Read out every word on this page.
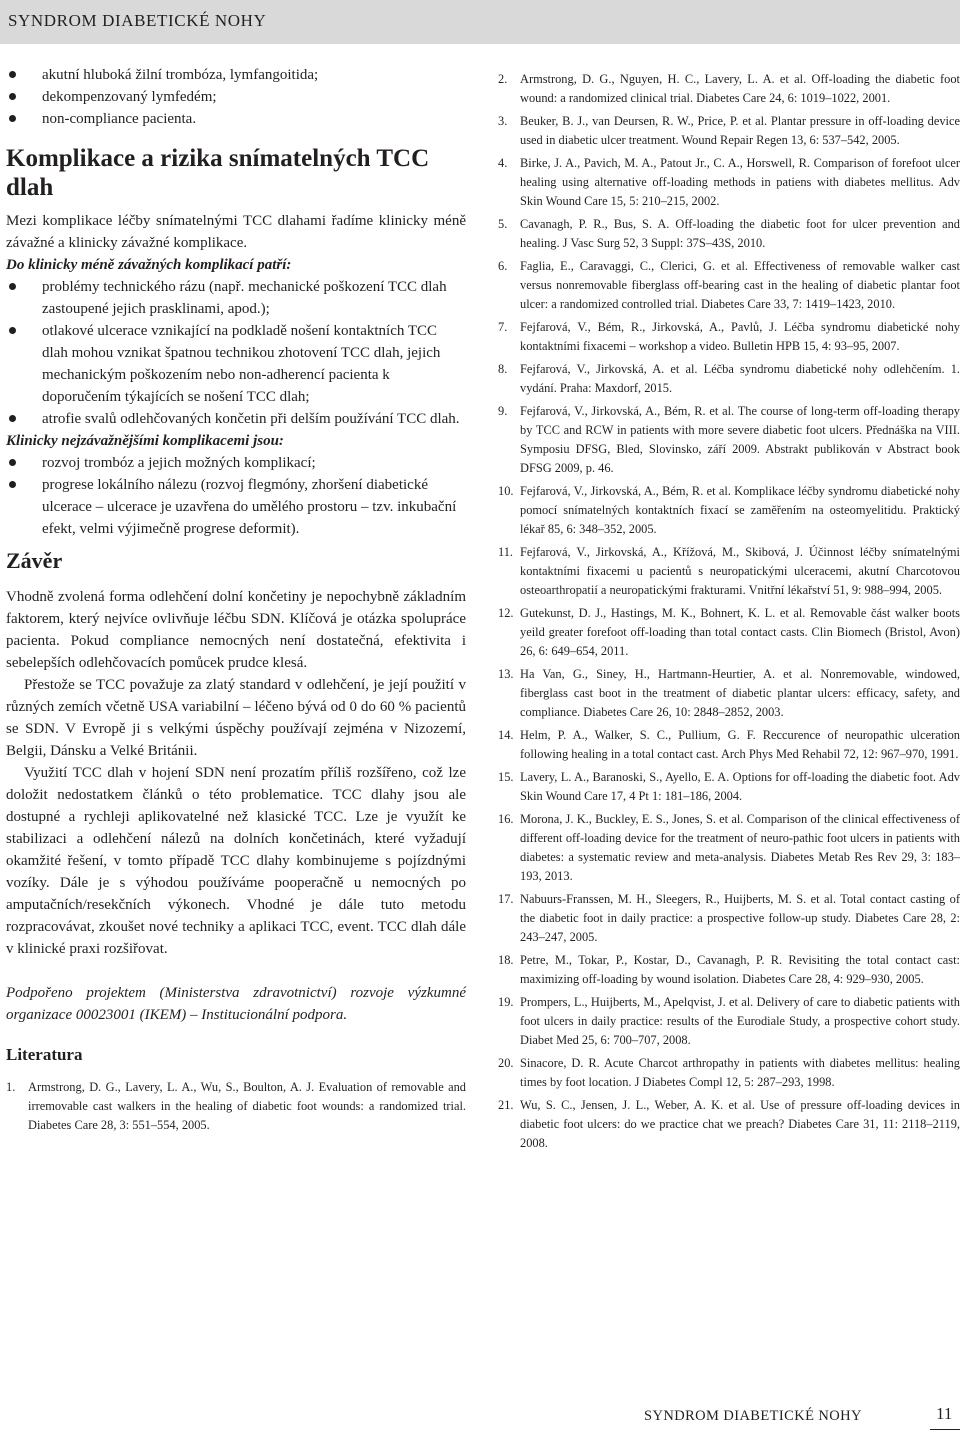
SYNDROM DIABETICKÉ NOHY
akutní hluboká žilní trombóza, lymfangoitida;
dekompenzovaný lymfedém;
non-compliance pacienta.
Komplikace a rizika snímatelných TCC dlah

Mezi komplikace léčby snímatelnými TCC dlahami řadíme klinicky méně závažné a klinicky závažné komplikace.

Do klinicky méně závažných komplikací patří:
problémy technického rázu (např. mechanické poškození TCC dlah zastoupené jejich prasklinami, apod.);
otlakové ulcerace vznikající na podkladě nošení kontaktních TCC dlah mohou vznikat špatnou technikou zhotovení TCC dlah, jejich mechanickým poškozením nebo non-adherencí pacienta k doporučením týkajících se nošení TCC dlah;
atrofie svalů odlehčovaných končetin při delším používání TCC dlah.
Klinicky nejzávažnějšími komplikacemi jsou:
rozvoj trombóz a jejich možných komplikací;
progrese lokálního nálezu (rozvoj flegmóny, zhoršení diabetické ulcerace – ulcerace je uzavřena do umělého prostoru – tzv. inkubační efekt, velmi výjimečně progrese deformit).
Závěr

Vhodně zvolená forma odlehčení dolní končetiny je nepochybně základním faktorem, který nejvíce ovlivňuje léčbu SDN. Klíčová je otázka spolupráce pacienta. Pokud compliance nemocných není dostatečná, efektivita i sebelepších odlehčovacích pomůcek prudce klesá.

Přestože se TCC považuje za zlatý standard v odlehčení, je její použití v různých zemích včetně USA variabilní – léčeno bývá od 0 do 60 % pacientů se SDN. V Evropě ji s velkými úspěchy používají zejména v Nizozemí, Belgii, Dánsku a Velké Británii.

Využití TCC dlah v hojení SDN není prozatím příliš rozšířeno, což lze doložit nedostatkem článků o této problematice. TCC dlahy jsou ale dostupné a rychleji aplikovatelné než klasické TCC. Lze je využít ke stabilizaci a odlehčení nálezů na dolních končetinách, které vyžadují okamžité řešení, v tomto případě TCC dlahy kombinujeme s pojízdnými vozíky. Dále je s výhodou používáme pooperačně u nemocných po amputačních/resekčních výkonech. Vhodné je dále tuto metodu rozpracovávat, zkoušet nové techniky a aplikaci TCC, event. TCC dlah dále v klinické praxi rozšiřovat.

Podpořeno projektem (Ministerstva zdravotnictví) rozvoje výzkumné organizace 00023001 (IKEM) – Institucionální podpora.

Literatura
1.	Armstrong, D. G., Lavery, L. A., Wu, S., Boulton, A. J. Evaluation of removable and irremovable cast walkers in the healing of diabetic foot wounds: a randomized trial. Diabetes Care 28, 3: 551–554, 2005.
2.	Armstrong, D. G., Nguyen, H. C., Lavery, L. A. et al. Off-loading the diabetic foot wound: a randomized clinical trial. Diabetes Care 24, 6: 1019–1022, 2001.
3.	Beuker, B. J., van Deursen, R. W., Price, P. et al. Plantar pressure in off-loading device used in diabetic ulcer treatment. Wound Repair Regen 13, 6: 537–542, 2005.
4.	Birke, J. A., Pavich, M. A., Patout Jr., C. A., Horswell, R. Comparison of forefoot ulcer healing using alternative off-loading methods in patiens with diabetes mellitus. Adv Skin Wound Care 15, 5: 210–215, 2002.
5.	Cavanagh, P. R., Bus, S. A. Off-loading the diabetic foot for ulcer prevention and healing. J Vasc Surg 52, 3 Suppl: 37S–43S, 2010.
6.	Faglia, E., Caravaggi, C., Clerici, G. et al. Effectiveness of removable walker cast versus nonremovable fiberglass off-bearing cast in the healing of diabetic plantar foot ulcer: a randomized controlled trial. Diabetes Care 33, 7: 1419–1423, 2010.
7.	Fejfarová, V., Bém, R., Jirkovská, A., Pavlů, J. Léčba syndromu diabetické nohy kontaktními fixacemi – workshop a video. Bulletin HPB 15, 4: 93–95, 2007.
8.	Fejfarová, V., Jirkovská, A. et al. Léčba syndromu diabetické nohy odlehčením. 1. vydání. Praha: Maxdorf, 2015.
9.	Fejfarová, V., Jirkovská, A., Bém, R. et al. The course of long-term off-loading therapy by TCC and RCW in patients with more severe diabetic foot ulcers. Přednáška na VIII. Symposiu DFSG, Bled, Slovinsko, září 2009. Abstrakt publikován v Abstract book DFSG 2009, p. 46.
10. Fejfarová, V., Jirkovská, A., Bém, R. et al. Komplikace léčby syndromu diabetické nohy pomocí snímatelných kontaktních fixací se zaměřením na osteomyelitidu. Praktický lékař 85, 6: 348–352, 2005.
11. Fejfarová, V., Jirkovská, A., Křížová, M., Skibová, J. Účinnost léčby snímatelnými kontaktními fixacemi u pacientů s neuropatickými ulceracemi, akutní Charcotovou osteoarthropatií a neuropatickými frakturami. Vnitřní lékařství 51, 9: 988–994, 2005.
12. Gutekunst, D. J., Hastings, M. K., Bohnert, K. L. et al. Removable část walker boots yeild greater forefoot off-loading than total contact casts. Clin Biomech (Bristol, Avon) 26, 6: 649–654, 2011.
13. Ha Van, G., Siney, H., Hartmann-Heurtier, A. et al. Nonremovable, windowed, fiberglass cast boot in the treatment of diabetic plantar ulcers: efficacy, safety, and compliance. Diabetes Care 26, 10: 2848–2852, 2003.
14. Helm, P. A., Walker, S. C., Pullium, G. F. Reccurence of neuropathic ulceration following healing in a total contact cast. Arch Phys Med Rehabil 72, 12: 967–970, 1991.
15. Lavery, L. A., Baranoski, S., Ayello, E. A. Options for off-loading the diabetic foot. Adv Skin Wound Care 17, 4 Pt 1: 181–186, 2004.
16. Morona, J. K., Buckley, E. S., Jones, S. et al. Comparison of the clinical effectiveness of different off-loading device for the treatment of neuro-pathic foot ulcers in patients with diabetes: a systematic review and meta-analysis. Diabetes Metab Res Rev 29, 3: 183–193, 2013.
17. Nabuurs-Franssen, M. H., Sleegers, R., Huijberts, M. S. et al. Total contact casting of the diabetic foot in daily practice: a prospective follow-up study. Diabetes Care 28, 2: 243–247, 2005.
18. Petre, M., Tokar, P., Kostar, D., Cavanagh, P. R. Revisiting the total contact cast: maximizing off-loading by wound isolation. Diabetes Care 28, 4: 929–930, 2005.
19. Prompers, L., Huijberts, M., Apelqvist, J. et al. Delivery of care to diabetic patients with foot ulcers in daily practice: results of the Eurodiale Study, a prospective cohort study. Diabet Med 25, 6: 700–707, 2008.
20. Sinacore, D. R. Acute Charcot arthropathy in patients with diabetes mellitus: healing times by foot location. J Diabetes Compl 12, 5: 287–293, 1998.
21. Wu, S. C., Jensen, J. L., Weber, A. K. et al. Use of pressure off-loading devices in diabetic foot ulcers: do we practice chat we preach? Diabetes Care 31, 11: 2118–2119, 2008.
SYNDROM DIABETICKÉ NOHY	11
